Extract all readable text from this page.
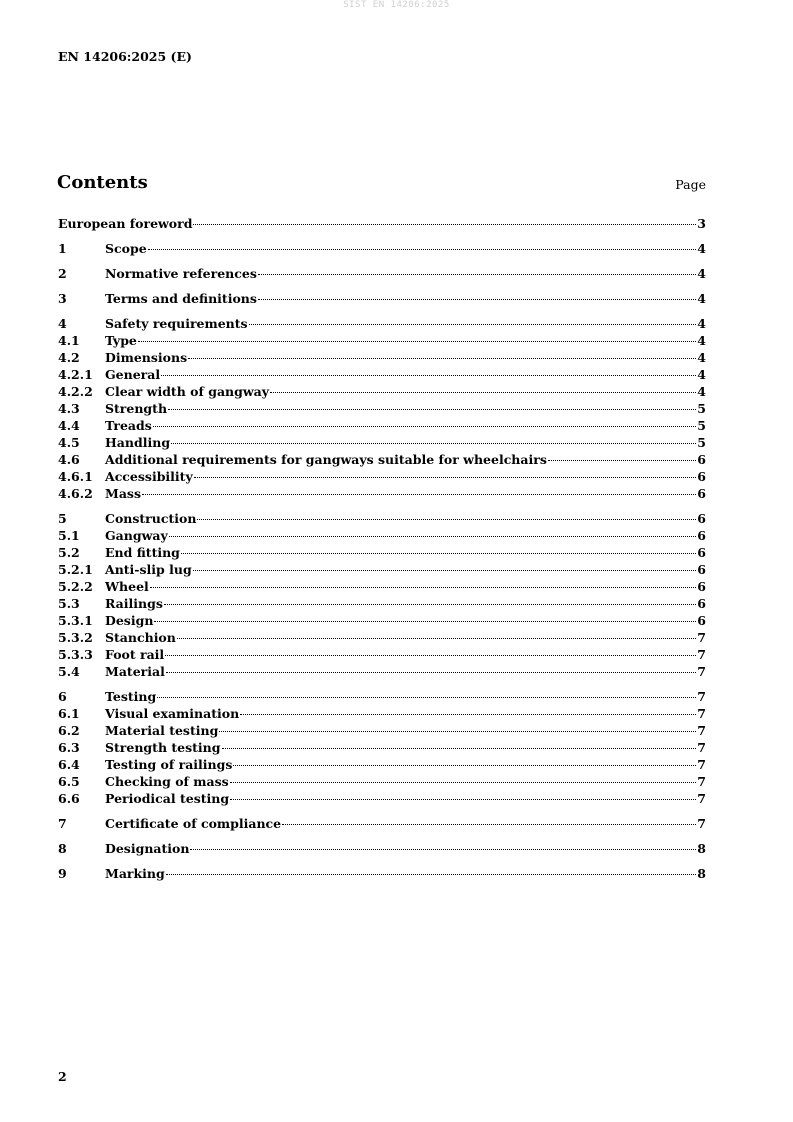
SIST EN 14206:2025
EN 14206:2025 (E)
Contents	Page
European foreword	3
1	Scope	4
2	Normative references	4
3	Terms and definitions	4
4	Safety requirements	4
4.1	Type	4
4.2	Dimensions	4
4.2.1 General	4
4.2.2 Clear width of gangway	4
4.3	Strength	5
4.4	Treads	5
4.5	Handling	5
4.6	Additional requirements for gangways suitable for wheelchairs	6
4.6.1 Accessibility	6
4.6.2 Mass	6
5	Construction	6
5.1	Gangway	6
5.2	End fitting	6
5.2.1 Anti-slip lug	6
5.2.2 Wheel	6
5.3	Railings	6
5.3.1 Design	6
5.3.2 Stanchion	7
5.3.3 Foot rail	7
5.4	Material	7
6	Testing	7
6.1	Visual examination	7
6.2	Material testing	7
6.3	Strength testing	7
6.4	Testing of railings	7
6.5	Checking of mass	7
6.6	Periodical testing	7
7	Certificate of compliance	7
8	Designation	8
9	Marking	8
2
